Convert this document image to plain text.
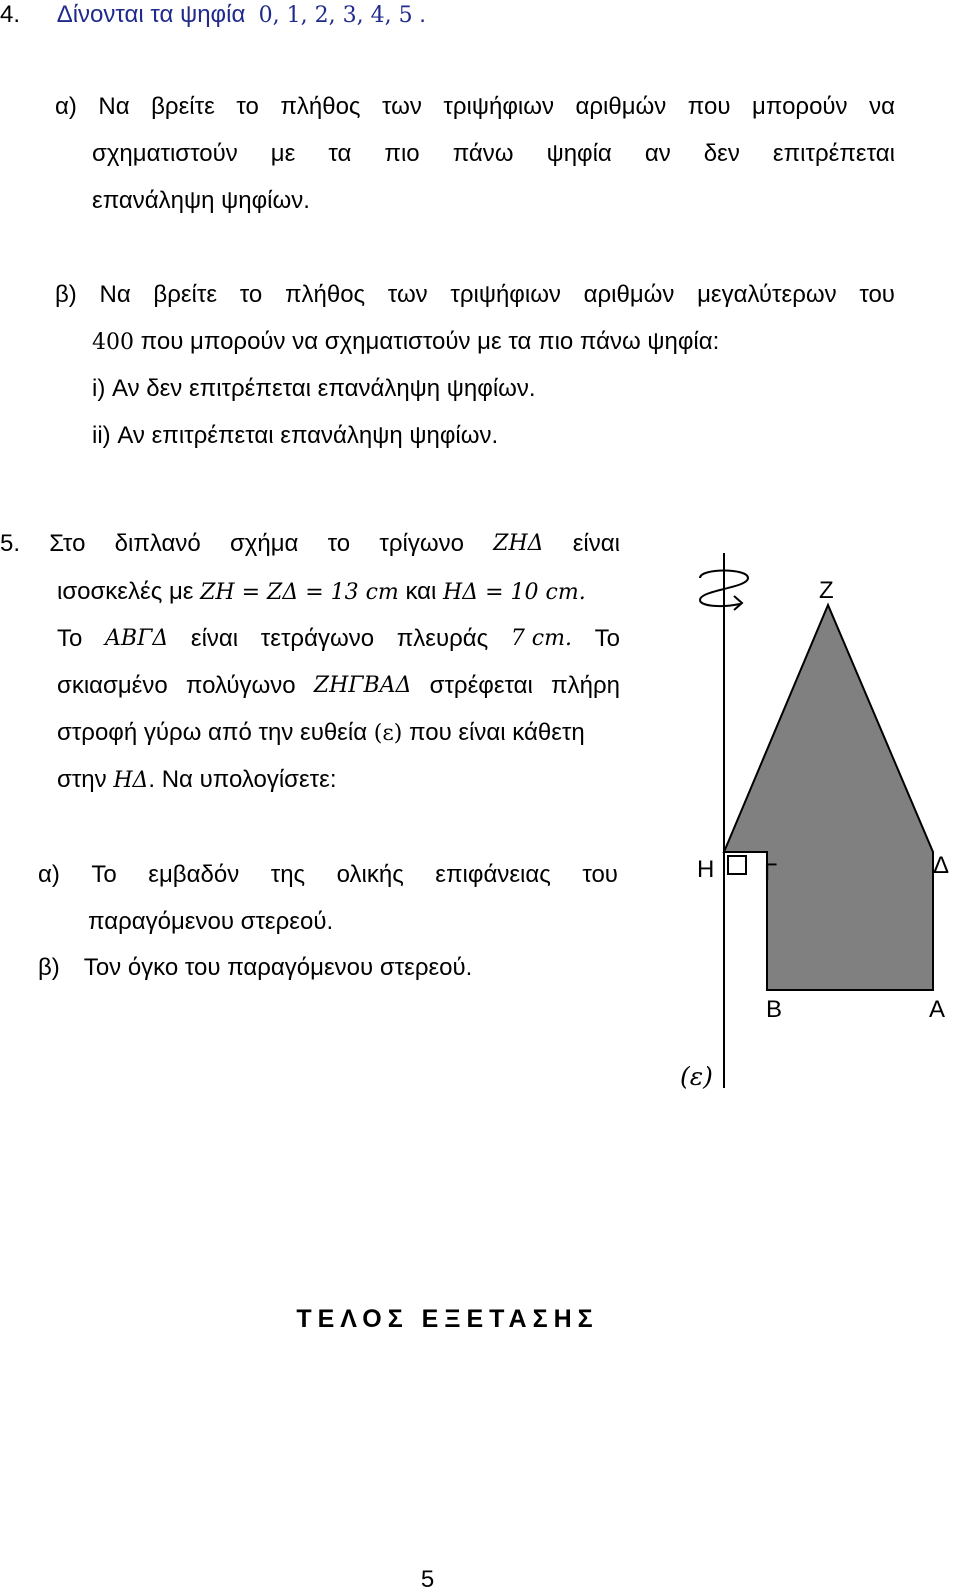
4. Δίνονται τα ψηφία 0, 1, 2, 3, 4, 5 .
α) Να βρείτε το πλήθος των τριψήφιων αριθμών που μπορούν να
σχηματιστούν με τα πιο πάνω ψηφία αν δεν επιτρέπεται
επανάληψη ψηφίων.
β) Να βρείτε το πλήθος των τριψήφιων αριθμών μεγαλύτερων του
400 που μπορούν να σχηματιστούν με τα πιο πάνω ψηφία:
i) Αν δεν επιτρέπεται επανάληψη ψηφίων.
ii) Αν επιτρέπεται επανάληψη ψηφίων.
5. Στο διπλανό σχήμα το τρίγωνο ΖΗΔ είναι
ισοσκελές με ΖΗ = ΖΔ = 13 cm και ΗΔ = 10 cm.
Το ΑΒΓΔ είναι τετράγωνο πλευράς 7 cm. Το
σκιασμένο πολύγωνο ΖΗΓΒΑΔ στρέφεται πλήρη
στροφή γύρω από την ευθεία (ε) που είναι κάθετη
στην ΗΔ. Να υπολογίσετε:
α) Το εμβαδόν της ολικής επιφάνειας του
παραγόμενου στερεού.
β) Τον όγκο του παραγόμενου στερεού.
Ζ
Η Γ	Δ
Β	Α
(ε)
ΤΕΛΟΣ ΕΞΕΤΑΣΗΣ
5
